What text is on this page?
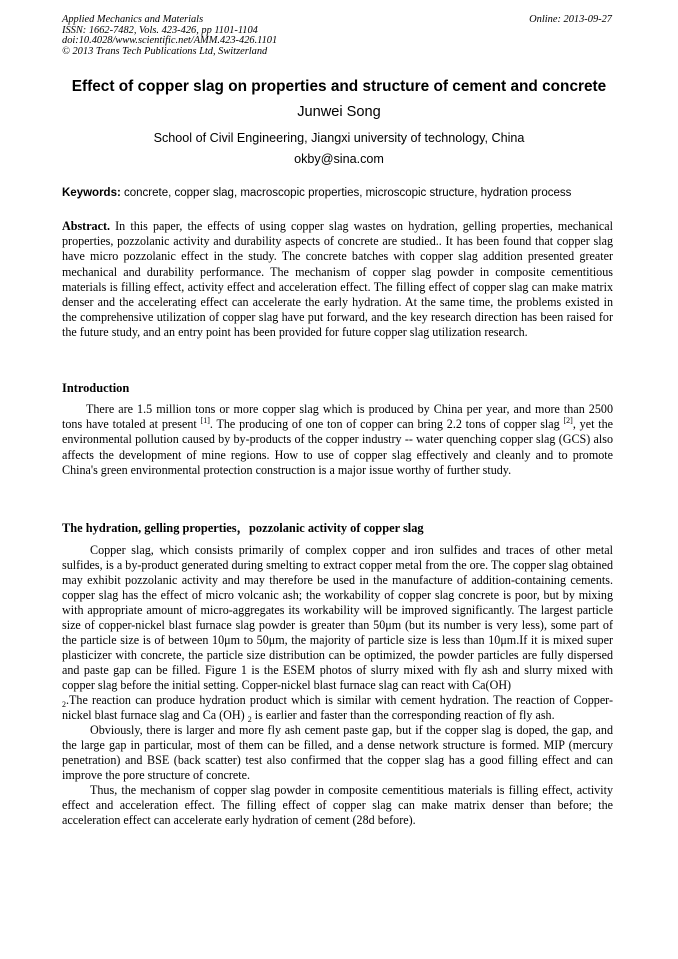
Applied Mechanics and Materials
ISSN: 1662-7482, Vols. 423-426, pp 1101-1104
doi:10.4028/www.scientific.net/AMM.423-426.1101
© 2013 Trans Tech Publications Ltd, Switzerland
Online: 2013-09-27
Effect of copper slag on properties and structure of cement and concrete
Junwei Song
School of Civil Engineering, Jiangxi university of technology, China
okby@sina.com
Keywords: concrete, copper slag, macroscopic properties, microscopic structure, hydration process

Abstract. In this paper, the effects of using copper slag wastes on hydration, gelling properties, mechanical properties, pozzolanic activity and durability aspects of concrete are studied.. It has been found that copper slag have micro pozzolanic effect in the study. The concrete batches with copper slag addition presented greater mechanical and durability performance. The mechanism of copper slag powder in composite cementitious materials is filling effect, activity effect and acceleration effect. The filling effect of copper slag can make matrix denser and the accelerating effect can accelerate the early hydration. At the same time, the problems existed in the comprehensive utilization of copper slag have put forward, and the key research direction has been raised for the future study, and an entry point has been provided for future copper slag utilization research.

Introduction

There are 1.5 million tons or more copper slag which is produced by China per year, and more than 2500 tons have totaled at present [1]. The producing of one ton of copper can bring 2.2 tons of copper slag [2], yet the environmental pollution caused by by-products of the copper industry -- water quenching copper slag (GCS) also affects the development of mine regions. How to use of copper slag effectively and cleanly and to promote China's green environmental protection construction is a major issue worthy of further study.

The hydration, gelling properties，pozzolanic activity of copper slag

Copper slag, which consists primarily of complex copper and iron sulfides and traces of other metal sulfides, is a by-product generated during smelting to extract copper metal from the ore. The copper slag obtained may exhibit pozzolanic activity and may therefore be used in the manufacture of addition-containing cements. copper slag has the effect of micro volcanic ash; the workability of copper slag concrete is poor, but by mixing with appropriate amount of micro-aggregates its workability will be improved significantly. The largest particle size of copper-nickel blast furnace slag powder is greater than 50μm (but its number is very less), some part of the particle size is of between 10μm to 50μm, the majority of particle size is less than 10μm.If it is mixed super plasticizer with concrete, the particle size distribution can be optimized, the powder particles are fully dispersed and paste gap can be filled. Figure 1 is the ESEM photos of slurry mixed with fly ash and slurry mixed with copper slag before the initial setting. Copper-nickel blast furnace slag can react with Ca(OH)
$_2$.The reaction can produce hydration product which is similar with cement hydration. The reaction of Copper-nickel blast furnace slag and Ca (OH) $_2$ is earlier and faster than the corresponding reaction of fly ash.

Obviously, there is larger and more fly ash cement paste gap, but if the copper slag is doped, the gap, and the large gap in particular, most of them can be filled, and a dense network structure is formed. MIP (mercury penetration) and BSE (back scatter) test also confirmed that the copper slag has a good filling effect and can improve the pore structure of concrete.

Thus, the mechanism of copper slag powder in composite cementitious materials is filling effect, activity effect and acceleration effect. The filling effect of copper slag can make matrix denser than before; the acceleration effect can accelerate early hydration of cement (28d before).
